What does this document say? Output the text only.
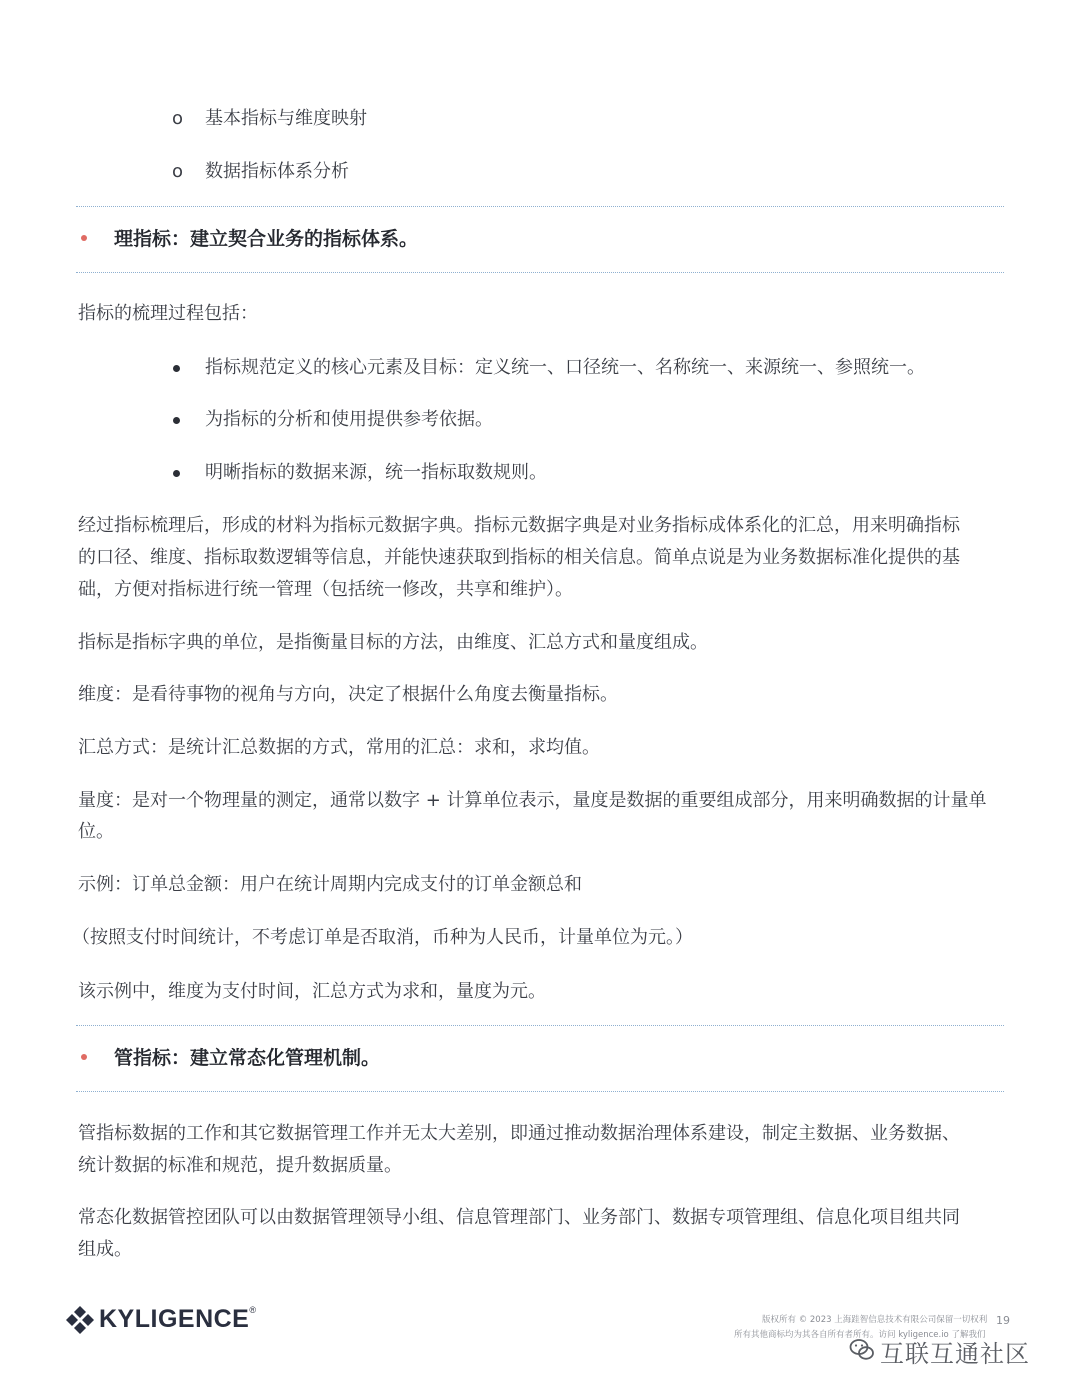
o 基本指标与维度映射
o 数据指标体系分析
理指标：建立契合业务的指标体系。
指标的梳理过程包括：
指标规范定义的核心元素及目标：定义统一、口径统一、名称统一、来源统一、参照统一。
为指标的分析和使用提供参考依据。
明晰指标的数据来源，统一指标取数规则。
经过指标梳理后，形成的材料为指标元数据字典。指标元数据字典是对业务指标成体系化的汇总，用来明确指标
的口径、维度、指标取数逻辑等信息，并能快速获取到指标的相关信息。简单点说是为业务数据标准化提供的基
础，方便对指标进行统一管理（包括统一修改，共享和维护）。
指标是指标字典的单位，是指衡量目标的方法，由维度、汇总方式和量度组成。
维度：是看待事物的视角与方向，决定了根据什么角度去衡量指标。
汇总方式：是统计汇总数据的方式，常用的汇总：求和，求均值。
量度：是对一个物理量的测定，通常以数字 + 计算单位表示，量度是数据的重要组成部分，用来明确数据的计量单
位。
示例：订单总金额：用户在统计周期内完成支付的订单金额总和
（按照支付时间统计，不考虑订单是否取消，币种为人民币，计量单位为元。）
该示例中，维度为支付时间，汇总方式为求和，量度为元。
管指标：建立常态化管理机制。
管指标数据的工作和其它数据管理工作并无太大差别，即通过推动数据治理体系建设，制定主数据、业务数据、
统计数据的标准和规范，提升数据质量。
常态化数据管控团队可以由数据管理领导小组、信息管理部门、业务部门、数据专项管理组、信息化项目组共同
组成。
KYLIGENCE®
版权所有 © 2023 上海跬智信息技术有限公司保留一切权利
所有其他商标均为其各自所有者所有。访问 kyligence.io 了解我们
19
互联互通社区
